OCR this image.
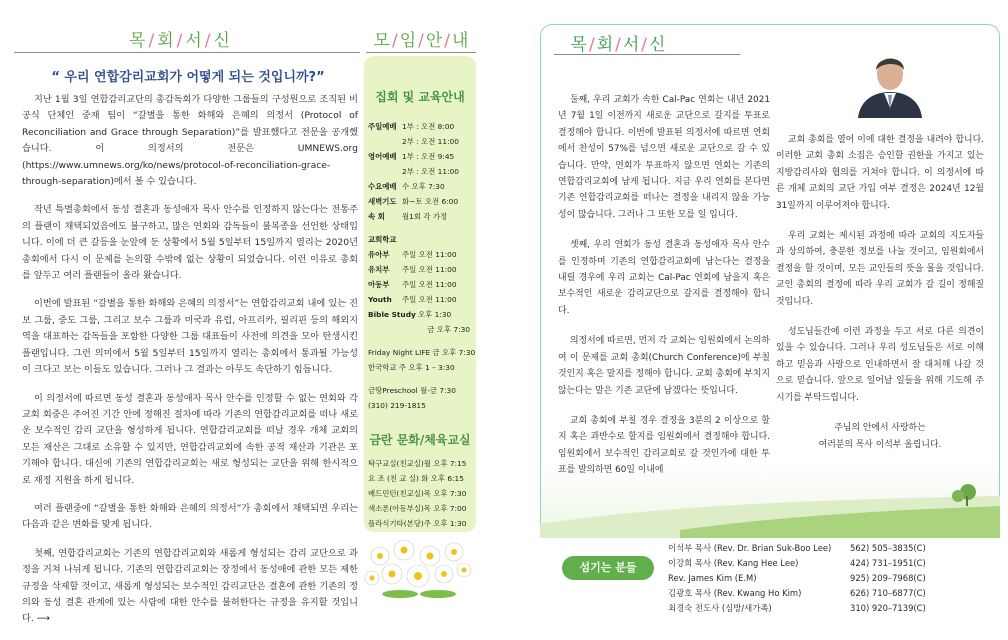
목/회/서/신
“ 우리 연합감리교회가 어떻게 되는 것입니까?”

지난 1월 3일 연합감리교단의 총감독회가 다양한 그룹들의 구성원으로 조직된 비공식 단체인 중재 팀이 “갈별을 통한 화해와 은혜의 의정서 (Protocol of Reconciliation and Grace through Separation)”를 발표했다고 전문을 공개했습니다. 이 의정서의 전문은 UMNEWS.org (https://www.umnews.org/ko/news/protocol-of-reconciliation-grace-through-separation)에서 볼 수 있습니다.

작년 특별총회에서 동성 결혼과 동성애자 목사 안수를 인정하지 않는다는 전통주의 플랜이 채택되었음에도 불구하고, 많은 연회와 감독들이 불복종을 선언한 상태입니다. 이에 더 큰 갈등을 눈앞에 둔 상황에서 5월 5일부터 15일까지 열리는 2020년 총회에서 다시 이 문제를 논의할 수밖에 없는 상황이 되었습니다. 이런 이유로 총회를 앞두고 여러 플랜들이 올라 왔습니다.

이번에 발표된 “갈별을 통한 화해와 은혜의 의정서”는 연합감리교회 내에 있는 진보 그룹, 중도 그룹, 그리고 보수 그룹과 미국과 유럽, 아프리카, 필리핀 등의 해외지역을 대표하는 감독들을 포함한 다양한 그룹 대표들이 사전에 의견을 모아 탄생시킨 플랜입니다. 그런 의미에서 5월 5일부터 15일까지 열리는 총회에서 통과될 가능성이 크다고 보는 이들도 있습니다. 그러나 그 결과는 아무도 속단하기 힘듭니다.

이 의정서에 따르면 동성 결혼과 동성애자 목사 안수를 인정할 수 없는 연회와 각 교회 회중은 주어진 기간 안에 정해진 절차에 따라 기존의 연합감리교회를 떠나 새로운 보수적인 감리 교단을 형성하게 됩니다. 연합감리교회를 떠날 경우 개체 교회의 모든 재산은 그대로 소유할 수 있지만, 연합감리교회에 속한 공적 재산과 기관은 포기해야 합니다. 대신에 기존의 연합감리교회는 새로 형성되는 교단을 위해 한시적으로 재정 지원을 하게 됩니다.

여러 플랜중에 “갈별을 통한 화해와 은혜의 의정서”가 총회에서 채택되면 우리는 다음과 같은 변화를 맞게 됩니다.

첫째, 연합감리교회는 기존의 연합감리교회와 새롭게 형성되는 감리 교단으로 과정을 거쳐 나뉘게 됩니다. 기존의 연합감리교회는 장정에서 동성애에 관한 모든 제한 규정을 삭제할 것이고, 새롭게 형성되는 보수적인 감리교단은 결혼에 관한 기존의 정의와 동성 결혼 관계에 있는 사람에 대한 안수를 불허한다는 규정을 유지할 것입니다. ⟶

모/임/안/내
집회 및 교육안내
주일예배 1부 : 오전 8:00
2부 : 오전 11:00
영어예배 1부 : 오전 9:45
2부 : 오전 11:00
수요예배 수 오후 7:30
새벽기도 화~토 오전 6:00
속 회 월1회 각 가정
교회학교
유아부 주일 오전 11:00
유치부 주일 오전 11:00
아동부 주일 오전 11:00
Youth 주일 오전 11:00
Bible Study 오후 1:30
금 오후 7:30
Friday Night LIFE 금 오후 7:30
한국학교 주 오후 1 – 3:30
금땅Preschool 월-금 7:30
(310) 219-1815
금란 문화/체육교실
탁구교실(친교실)월 오후 7:15
요 조 (친 교 실) 화 오후 6:15
배드민턴(친교실)목 오후 7:30
색소폰(아동부실)목 오후 7:00
플라식기타(본당)주 오후 1:30
목/회/서/신

둘째, 우리 교회가 속한 Cal-Pac 연회는 내년 2021년 7월 1일 이전까지 새로운 교단으로 갈지를 투표로 결정해야 합니다. 이번에 발표된 의정서에 따르면 연회에서 찬성이 57%를 넘으면 새로운 교단으로 갈 수 있습니다. 만약, 연회가 투표하지 않으면 연회는 기존의 연합감리교회에 남게 됩니다. 지금 우리 연회를 본다면 기존 연합감리교회를 떠나는 결정을 내리지 않을 가능성이 많습니다. 그러나 그 또한 모를 일 입니다.

셋째, 우리 연회가 동성 결혼과 동성애자 목사 안수를 인정하며 기존의 연합감리교회에 남는다는 결정을 내릴 경우에 우리 교회는 Cal-Pac 연회에 남을지 혹은 보수적인 새로운 감리교단으로 갈지를 결정해야 합니다.

의정서에 따르면, 먼저 각 교회는 임원회에서 논의하여 이 문제를 교회 총회(Church Conference)에 부칠 것인지 혹은 말지를 정해야 합니다. 교회 총회에 부치지 않는다는 말은 기존 교단에 남겠다는 뜻입니다.

교회 총회에 부칠 경우 결정을 3분의 2 이상으로 할지 혹은 과반수로 할지를 임원회에서 결정해야 합니다. 임원회에서 보수적인 감리교회로 갈 것인가에 대한 투표를 발의하면 60일 이내에

교회 총회를 열어 이에 대한 결정을 내려야 합니다. 이러한 교회 총회 소집은 승인할 권한을 가지고 있는 지방감리사와 협의를 거쳐야 합니다. 이 의정서에 따른 개체 교회의 교단 가입 여부 결정은 2024년 12월 31일까지 이루어져야 합니다.

우리 교회는 제시된 과정에 따라 교회의 지도자들과 상의하여, 충분한 정보를 나눌 것이고, 임원회에서 결정을 할 것이며, 모든 교인들의 뜻을 물을 것입니다. 교인 총회의 결정에 따라 우리 교회가 갈 길이 정해질 것입니다.

성도님들간에 이런 과정을 두고 서로 다른 의견이 있을 수 있습니다. 그러나 우리 성도님들은 서로 이해하고 믿음과 사랑으로 인내하면서 잘 대처해 나갈 것으로 믿습니다. 앞으로 일어날 일들을 위해 기도해 주시기를 부탁드립니다.

주님의 안에서 사랑하는
여러분의 목사 이석부 올립니다.
섬기는 분들
이석부 목사 (Rev. Dr. Brian Suk-Boo Lee) 562) 505–3835(C)
이강희 목사 (Rev. Kang Hee Lee)	424) 731–1951(C)
Rev. James Kim (E.M)	925) 209–7968(C)
김광호 목사 (Rev. Kwang Ho Kim)	626) 710–6877(C)
최경숙 전도사 (심방/새가족)	310) 920–7139(C)
